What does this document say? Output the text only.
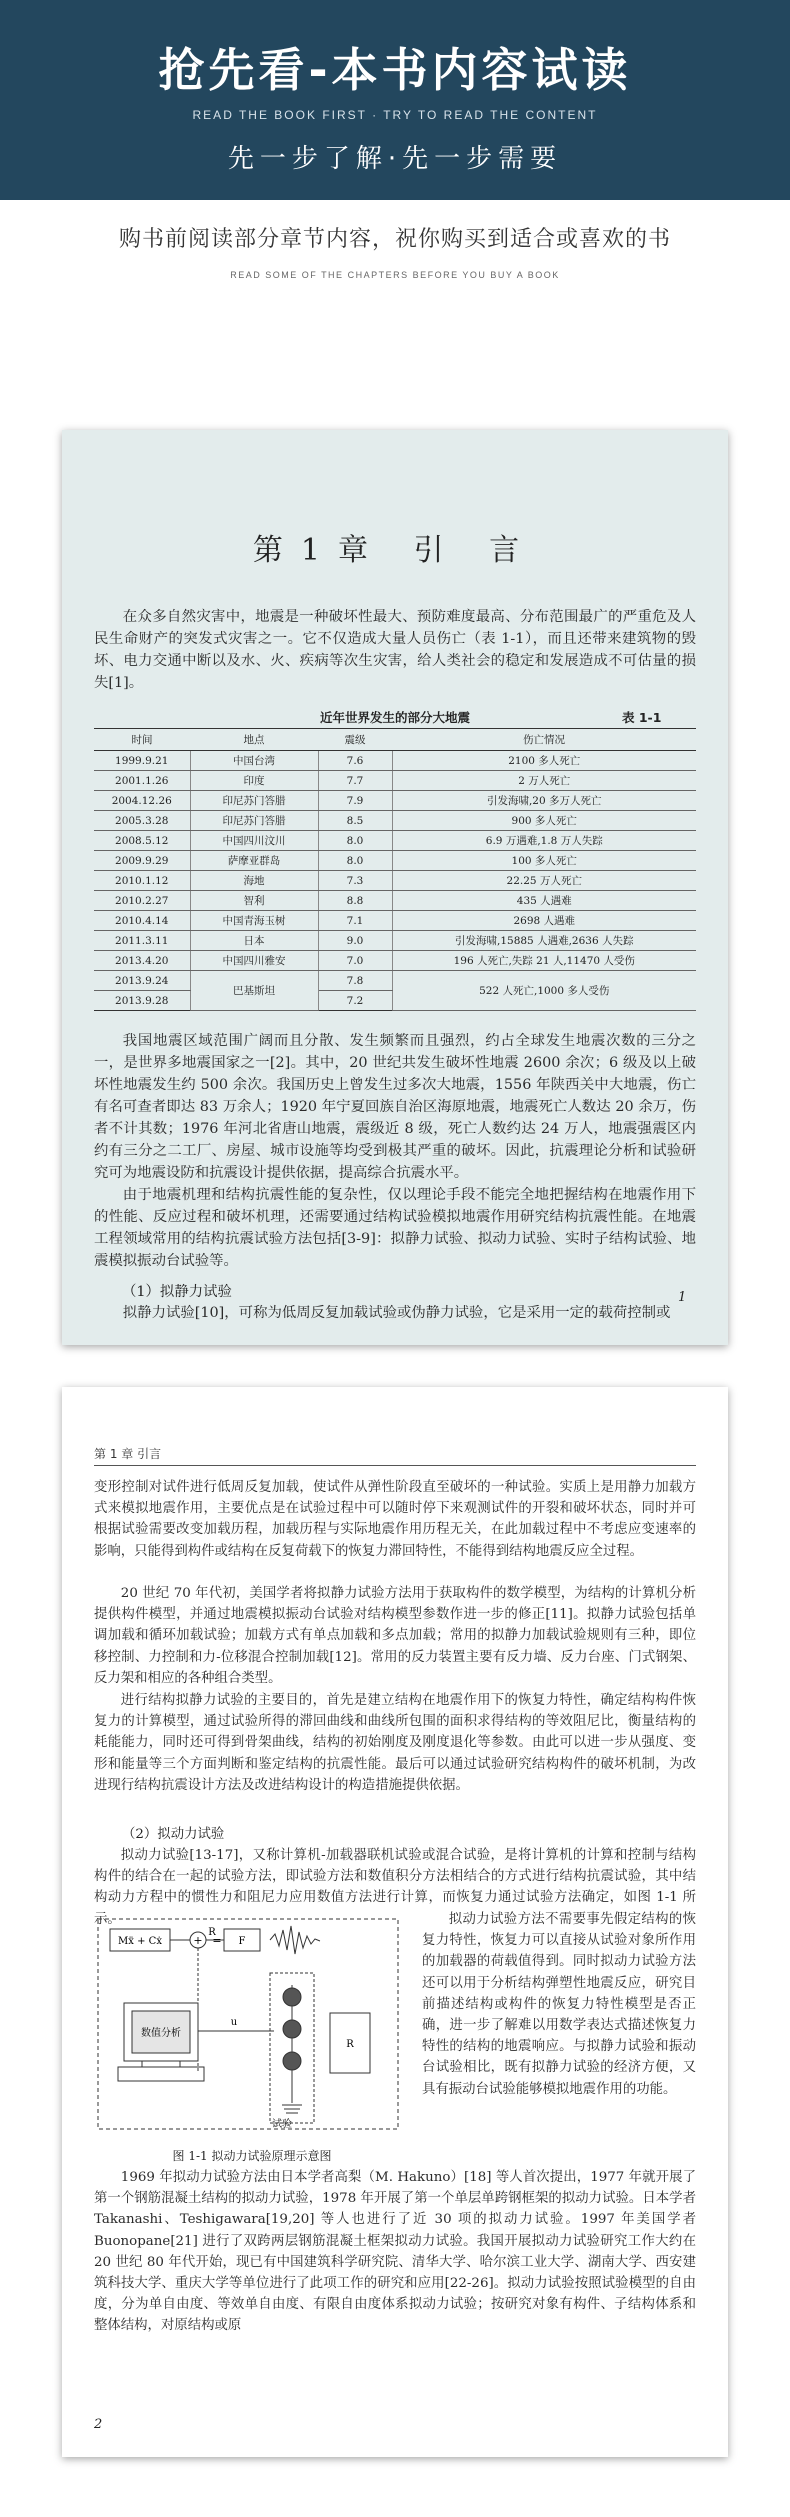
抢先看-本书内容试读
READ THE BOOK FIRST · TRY TO READ THE CONTENT
先一步了解·先一步需要
购书前阅读部分章节内容，祝你购买到适合或喜欢的书
READ SOME OF THE CHAPTERS BEFORE YOU BUY A BOOK
第1章 引 言
在众多自然灾害中，地震是一种破坏性最大、预防难度最高、分布范围最广的严重危及人民生命财产的突发式灾害之一。它不仅造成大量人员伤亡（表 1-1），而且还带来建筑物的毁坏、电力交通中断以及水、火、疾病等次生灾害，给人类社会的稳定和发展造成不可估量的损失[1]。
近年世界发生的部分大地震	表 1-1
时间	地点	震级	伤亡情况
1999.9.21	中国台湾	7.6	2100 多人死亡
2001.1.26	印度	7.7	2 万人死亡
2004.12.26	印尼苏门答腊	7.9	引发海啸,20 多万人死亡
2005.3.28	印尼苏门答腊	8.5	900 多人死亡
2008.5.12	中国四川汶川	8.0	6.9 万遇难,1.8 万人失踪
2009.9.29	萨摩亚群岛	8.0	100 多人死亡
2010.1.12	海地	7.3	22.25 万人死亡
2010.2.27	智利	8.8	435 人遇难
2010.4.14	中国青海玉树	7.1	2698 人遇难
2011.3.11	日本	9.0	引发海啸,15885 人遇难,2636 人失踪
2013.4.20	中国四川雅安	7.0	196 人死亡,失踪 21 人,11470 人受伤
2013.9.24	巴基斯坦	7.8	522 人死亡,1000 多人受伤
2013.9.28		7.2	
我国地震区域范围广阔而且分散、发生频繁而且强烈，约占全球发生地震次数的三分之一，是世界多地震国家之一[2]。其中，20 世纪共发生破坏性地震 2600 余次；6 级及以上破坏性地震发生约 500 余次。我国历史上曾发生过多次大地震，1556 年陕西关中大地震，伤亡有名可查者即达 83 万余人；1920 年宁夏回族自治区海原地震，地震死亡人数达 20 余万，伤者不计其数；1976 年河北省唐山地震，震级近 8 级，死亡人数约达 24 万人，地震强震区内约有三分之二工厂、房屋、城市设施等均受到极其严重的破坏。因此，抗震理论分析和试验研究可为地震设防和抗震设计提供依据，提高综合抗震水平。
由于地震机理和结构抗震性能的复杂性，仅以理论手段不能完全地把握结构在地震作用下的性能、反应过程和破坏机理，还需要通过结构试验模拟地震作用研究结构抗震性能。在地震工程领域常用的结构抗震试验方法包括[3-9]：拟静力试验、拟动力试验、实时子结构试验、地震模拟振动台试验等。
（1）拟静力试验
拟静力试验[10]，可称为低周反复加载试验或伪静力试验，它是采用一定的载荷控制或
1
第 1 章 引言
变形控制对试件进行低周反复加载，使试件从弹性阶段直至破坏的一种试验。实质上是用静力加载方式来模拟地震作用，主要优点是在试验过程中可以随时停下来观测试件的开裂和破坏状态，同时并可根据试验需要改变加载历程，加载历程与实际地震作用历程无关，在此加载过程中不考虑应变速率的影响，只能得到构件或结构在反复荷载下的恢复力滞回特性，不能得到结构地震反应全过程。
20 世纪 70 年代初，美国学者将拟静力试验方法用于获取构件的数学模型，为结构的计算机分析提供构件模型，并通过地震模拟振动台试验对结构模型参数作进一步的修正[11]。拟静力试验包括单调加载和循环加载试验；加载方式有单点加载和多点加载；常用的拟静力加载试验规则有三种，即位移控制、力控制和力-位移混合控制加载[12]。常用的反力装置主要有反力墙、反力台座、门式钢架、反力架和相应的各种组合类型。
进行结构拟静力试验的主要目的，首先是建立结构在地震作用下的恢复力特性，确定结构构件恢复力的计算模型，通过试验所得的滞回曲线和曲线所包围的面积求得结构的等效阻尼比，衡量结构的耗能能力，同时还可得到骨架曲线，结构的初始刚度及刚度退化等参数。由此可以进一步从强度、变形和能量等三个方面判断和鉴定结构的抗震性能。最后可以通过试验研究结构构件的破坏机制，为改进现行结构抗震设计方法及改进结构设计的构造措施提供依据。
（2）拟动力试验
拟动力试验[13-17]，又称计算机-加载器联机试验或混合试验，是将计算机的计算和控制与结构构件的结合在一起的试验方法，即试验方法和数值积分方法相结合的方式进行结构抗震试验，其中结构动力方程中的惯性力和阻尼力应用数值方法进行计算，而恢复力通过试验方法确定，如图 1-1 所示。	拟动力试验方法不需要事先假定结构的恢复力特性，恢复力可以直接从试验对象所作用的加载器的荷载值得到。同时拟动力试验方法还可以用于分析结构弹塑性地震反应，研究目前描述结构或构件的恢复力特性模型是否正确，进一步了解难以用数学表达式描述恢复力特性的结构的地震响应。与拟静力试验和振动台试验相比，既有拟静力试验的经济方便，又具有振动台试验能够模拟地震作用的功能。
Mẍ + Cẋ	+
R
= F
数值分析
u
R
试验
图 1-1 拟动力试验原理示意图
1969 年拟动力试验方法由日本学者高梨（M. Hakuno）[18] 等人首次提出，1977 年就开展了第一个钢筋混凝土结构的拟动力试验，1978 年开展了第一个单层单跨钢框架的拟动力试验。日本学者 Takanashi、Teshigawara[19,20] 等人也进行了近 30 项的拟动力试验。1997 年美国学者 Buonopane[21] 进行了双跨两层钢筋混凝土框架拟动力试验。我国开展拟动力试验研究工作大约在 20 世纪 80 年代开始，现已有中国建筑科学研究院、清华大学、哈尔滨工业大学、湖南大学、西安建筑科技大学、重庆大学等单位进行了此项工作的研究和应用[22-26]。拟动力试验按照试验模型的自由度，分为单自由度、等效单自由度、有限自由度体系拟动力试验；按研究对象有构件、子结构体系和整体结构，对原结构或原
2
